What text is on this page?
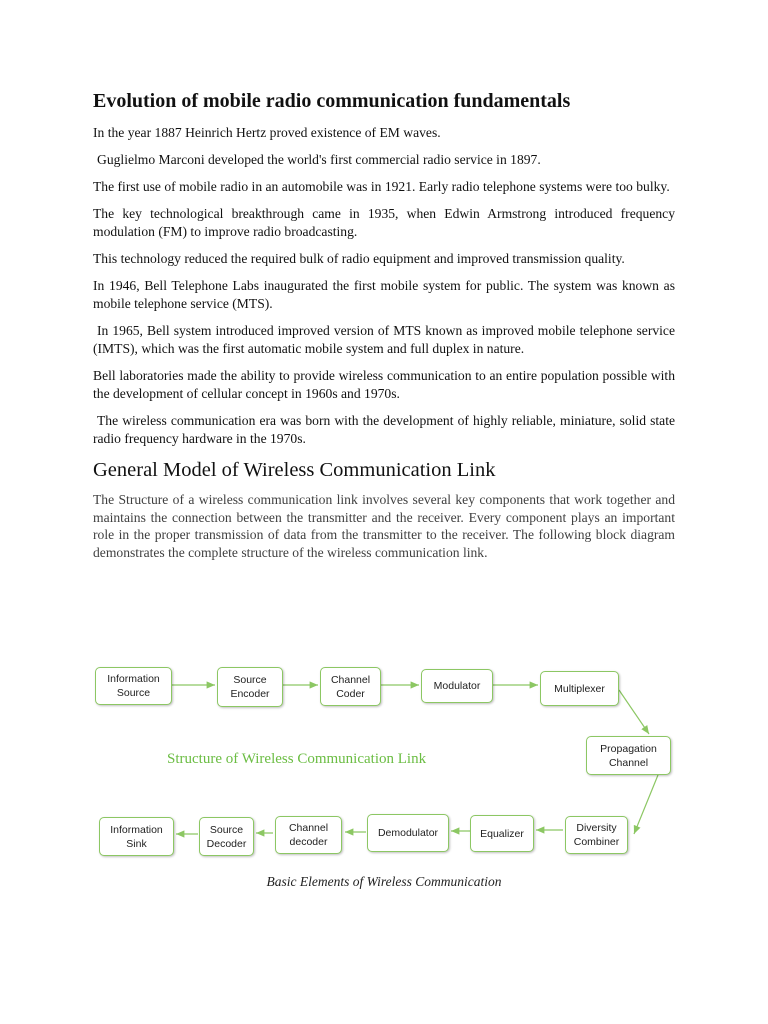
Evolution of mobile radio communication fundamentals

In the year 1887 Heinrich Hertz proved existence of EM waves.

Guglielmo Marconi developed the world's first commercial radio service in 1897.

The first use of mobile radio in an automobile was in 1921. Early radio telephone systems were too bulky.

The key technological breakthrough came in 1935, when Edwin Armstrong introduced frequency modulation (FM) to improve radio broadcasting.

This technology reduced the required bulk of radio equipment and improved transmission quality.

In 1946, Bell Telephone Labs inaugurated the first mobile system for public. The system was known as mobile telephone service (MTS).

In 1965, Bell system introduced improved version of MTS known as improved mobile telephone service (IMTS), which was the first automatic mobile system and full duplex in nature.

Bell laboratories made the ability to provide wireless communication to an entire population possible with the development of cellular concept in 1960s and 1970s.

The wireless communication era was born with the development of highly reliable, miniature, solid state radio frequency hardware in the 1970s.

General Model of Wireless Communication Link

The Structure of a wireless communication link involves several key components that work together and maintains the connection between the transmitter and the receiver. Every component plays an important role in the proper transmission of data from the transmitter to the receiver. The following block diagram demonstrates the complete structure of the wireless communication link.

Information Source
Source Encoder
Channel Coder
Modulator	Multiplexer
Propagation Channel
Diversity Combiner
Equalizer
Demodulator
Channel decoder
Source Decoder
Information Sink
Structure of Wireless Communication Link
Basic Elements of Wireless Communication
